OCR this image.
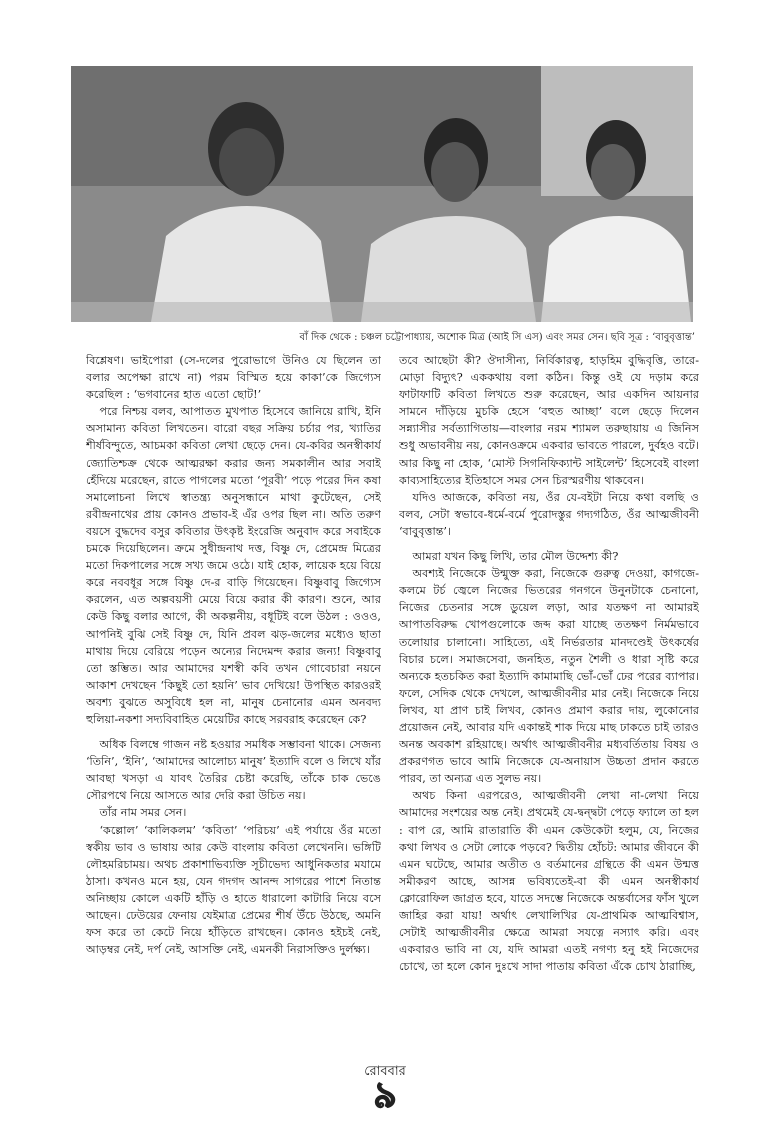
বাঁ দিক থেকে : চঞ্চল চট্টোপাধ্যায়, অশোক মিত্র (আই সি এস) এবং সমর সেন। ছবি সূত্র : ‘বাবুবৃত্তান্ত’

বিশ্লেষণ। ভাইপোরা (সে-দলের পুরোভাগে উনিও যে ছিলেন তা বলার অপেক্ষা রাখে না) পরম বিস্মিত হয়ে কাকা’কে জিগ্যেস করেছিল : ‘ভগবানের হাত এতো ছোট!’

পরে নিশ্চয় বলব, আপাতত মুখপাত হিসেবে জানিয়ে রাখি, ইনি অসামান্য কবিতা লিখতেন। বারো বছর সক্রিয় চর্চার পর, খ্যাতির শীর্ষবিন্দুতে, আচমকা কবিতা লেখা ছেড়ে দেন। যে-কবির অনস্বীকার্য জ্যোতিশ্চক্র থেকে আত্মরক্ষা করার জন্য সমকালীন আর সবাই হেঁদিয়ে মরেছেন, রাতে পাগলের মতো ‘পূরবী’ পড়ে পরের দিন কষা সমালোচনা লিখে স্বাতন্ত্র্য অনুসন্ধানে মাথা কুটেছেন, সেই রবীন্দ্রনাথের প্রায় কোনও প্রভাব-ই এঁর ওপর ছিল না। অতি তরুণ বয়সে বুদ্ধদেব বসুর কবিতার উৎকৃষ্ট ইংরেজি অনুবাদ করে সবাইকে চমকে দিয়েছিলেন। ক্রমে সুধীন্দ্রনাথ দত্ত, বিষ্ণু দে, প্রেমেন্দ্র মিত্রের মতো দিকপালের সঙ্গে সখ্য জমে ওঠে। যাই হোক, লায়েক হয়ে বিয়ে করে নববধূর সঙ্গে বিষ্ণু দে-র বাড়ি গিয়েছেন। বিষ্ণুবাবু জিগ্যেস করলেন, এত অল্পবয়সী মেয়ে বিয়ে করার কী কারণ। শুনে, আর কেউ কিছু বলার আগে, কী অকল্পনীয়, বধূটিই বলে উঠল : ওওও, আপনিই বুঝি সেই বিষ্ণু দে, যিনি প্রবল ঝড়-জলের মধ্যেও ছাতা মাথায় দিয়ে বেরিয়ে পড়েন অন্যের নিদেমন্দ করার জন্য! বিষ্ণুবাবু তো স্তম্ভিত। আর আমাদের যশস্বী কবি তখন গোবেচারা নয়নে আকাশ দেখছেন ‘কিছুই তো হয়নি’ ভাব দেখিয়ে! উপস্থিত কারওরই অবশ্য বুঝতে অসুবিধে হল না, মানুষ চেনানোর এমন অনবদ্য হুলিয়া-নকশা সদ্যবিবাহিত মেয়েটির কাছে সরবরাহ করেছেন কে?

অধিক বিলম্বে গাজন নষ্ট হওয়ার সমধিক সম্ভাবনা থাকে। সেজন্য ‘তিনি’, ‘ইনি’, ‘আমাদের আলোচ্য মানুষ’ ইত্যাদি বলে ও লিখে যাঁর আবছা খসড়া এ যাবৎ তৈরির চেষ্টা করেছি, তাঁকে চাক ভেঙে সৌরপথে নিয়ে আসতে আর দেরি করা উচিত নয়।

তাঁর নাম সমর সেন।

‘কল্লোল’ ‘কালিকলম’ ‘কবিতা’ ‘পরিচয়’ এই পর্যায়ে ওঁর মতো স্বকীয় ভাব ও ভাষায় আর কেউ বাংলায় কবিতা লেখেননি। ভঙ্গিটি লৌহমরিচাময়। অথচ প্রকাশাভিব্যক্তি সূচীভেদ্য আধুনিকতার মযামে ঠাসা। কখনও মনে হয়, যেন গদগদ আনন্দ সাগরের পাশে নিতান্ত অনিচ্ছায় কোলে একটি হাঁড়ি ও হাতে ধারালো কাটারি নিয়ে বসে আছেন। ঢেউয়ের ফেনায় যেইমাত্র প্রেমের শীর্ষ উঁচে উঠছে, অমনি ফস করে তা কেটে নিয়ে হাঁড়িতে রাখছেন। কোনও হইচই নেই, আড়ম্বর নেই, দর্প নেই, আসক্তি নেই, এমনকী নিরাসক্তিও দুর্লক্ষ্য।

তবে আছেটা কী? ঔদাসীন্য, নির্বিকারত্ব, হাড়হিম বুদ্ধিবৃত্তি, তারে-মোড়া বিদ্যুৎ? এককথায় বলা কঠিন। কিন্তু ওই যে দড়াম করে ফাটাফাটি কবিতা লিখতে শুরু করেছেন, আর একদিন আয়নার সামনে দাঁড়িয়ে মুচকি হেসে ‘বহুত আচ্ছা’ বলে ছেড়ে দিলেন সন্ন্যাসীর সর্বত্যাগিতায়—বাংলার নরম শ্যামল তরুছায়ায় এ জিনিস শুধু অভাবনীয় নয়, কোনওক্রমে একবার ভাবতে পারলে, দুর্বহও বটে। আর কিছু না হোক, ‘মোস্ট সিগনিফিক্যান্ট সাইলেন্ট’ হিসেবেই বাংলা কাব্যসাহিত্যের ইতিহাসে সমর সেন চিরস্মরণীয় থাকবেন।

যদিও আজকে, কবিতা নয়, ওঁর যে-বইটা নিয়ে কথা বলছি ও বলব, সেটা স্বভাবে-ধর্মে-বর্মে পুরোদস্তুর গদ্যগঠিত, ওঁর আত্মজীবনী ‘বাবুবৃত্তান্ত’।

আমরা যখন কিছু লিখি, তার মৌল উদ্দেশ্য কী?

অবশ্যই নিজেকে উন্মুক্ত করা, নিজেকে গুরুত্ব দেওয়া, কাগজে-কলমে টর্চ জ্বেলে নিজের ভিতরের গনগনে উনুনটাকে চেনানো, নিজের চেতনার সঙ্গে ডুয়েল লড়া, আর যতক্ষণ না আমারই আপাতবিরুদ্ধ খোপগুলোকে জব্দ করা যাচ্ছে ততক্ষণ নির্মমভাবে তলোয়ার চালানো। সাহিত্যে, এই নির্ভরতার মানদণ্ডেই উৎকর্ষের বিচার চলে। সমাজসেবা, জনহিত, নতুন শৈলী ও ধারা সৃষ্টি করে অন্যকে হতচকিত করা ইত্যাদি কামামাছি ভোঁ-ভোঁ ঢের পরের ব্যাপার। ফলে, সেদিক থেকে দেখলে, আত্মজীবনীর মার নেই। নিজেকে নিয়ে লিখব, যা প্রাণ চাই লিখব, কোনও প্রমাণ করার দায়, লুকোনোর প্রয়োজন নেই, আবার যদি একান্তই শাক দিয়ে মাছ ঢাকতে চাই তারও অনন্ত অবকাশ রহিয়াছে। অর্থাৎ আত্মজীবনীর মধ্যবর্তিতায় বিষয় ও প্রকরণগত ভাবে আমি নিজেকে যে-অনায়াস উচ্চতা প্রদান করতে পারব, তা অন্যত্র এত সুলভ নয়।

অথচ কিনা এরপরেও, আত্মজীবনী লেখা না-লেখা নিয়ে আমাদের সংশয়ের অন্ত নেই। প্রথমেই যে-দ্বন্দ্বটা পেড়ে ফ্যালে তা হল : বাপ রে, আমি রাতারাতি কী এমন কেউকেটা হলুম, যে, নিজের কথা লিখব ও সেটা লোকে পড়বে? দ্বিতীয় হোঁচট: আমার জীবনে কী এমন ঘটেছে, আমার অতীত ও বর্তমানের গ্রন্থিতে কী এমন উন্মত্ত সমীকরণ আছে, আসন্ন ভবিষ্যতেই-বা কী এমন অনস্বীকার্য ক্লোরোফিল জাগ্রত হবে, যাতে সদম্ভে নিজেকে অন্তর্বাসের ফাঁস খুলে জাহির করা যায়! অর্থাৎ লেখালিখির যে-প্রাথমিক আত্মবিশ্বাস, সেটাই আত্মজীবনীর ক্ষেত্রে আমরা সযত্নে নস্যাৎ করি। এবং একবারও ভাবি না যে, যদি আমরা এতই নগণ্য হনু হই নিজেদের চোখে, তা হলে কোন দুঃখে সাদা পাতায় কবিতা এঁকে চোখ ঠারাচ্ছি,

রোববার
৯
